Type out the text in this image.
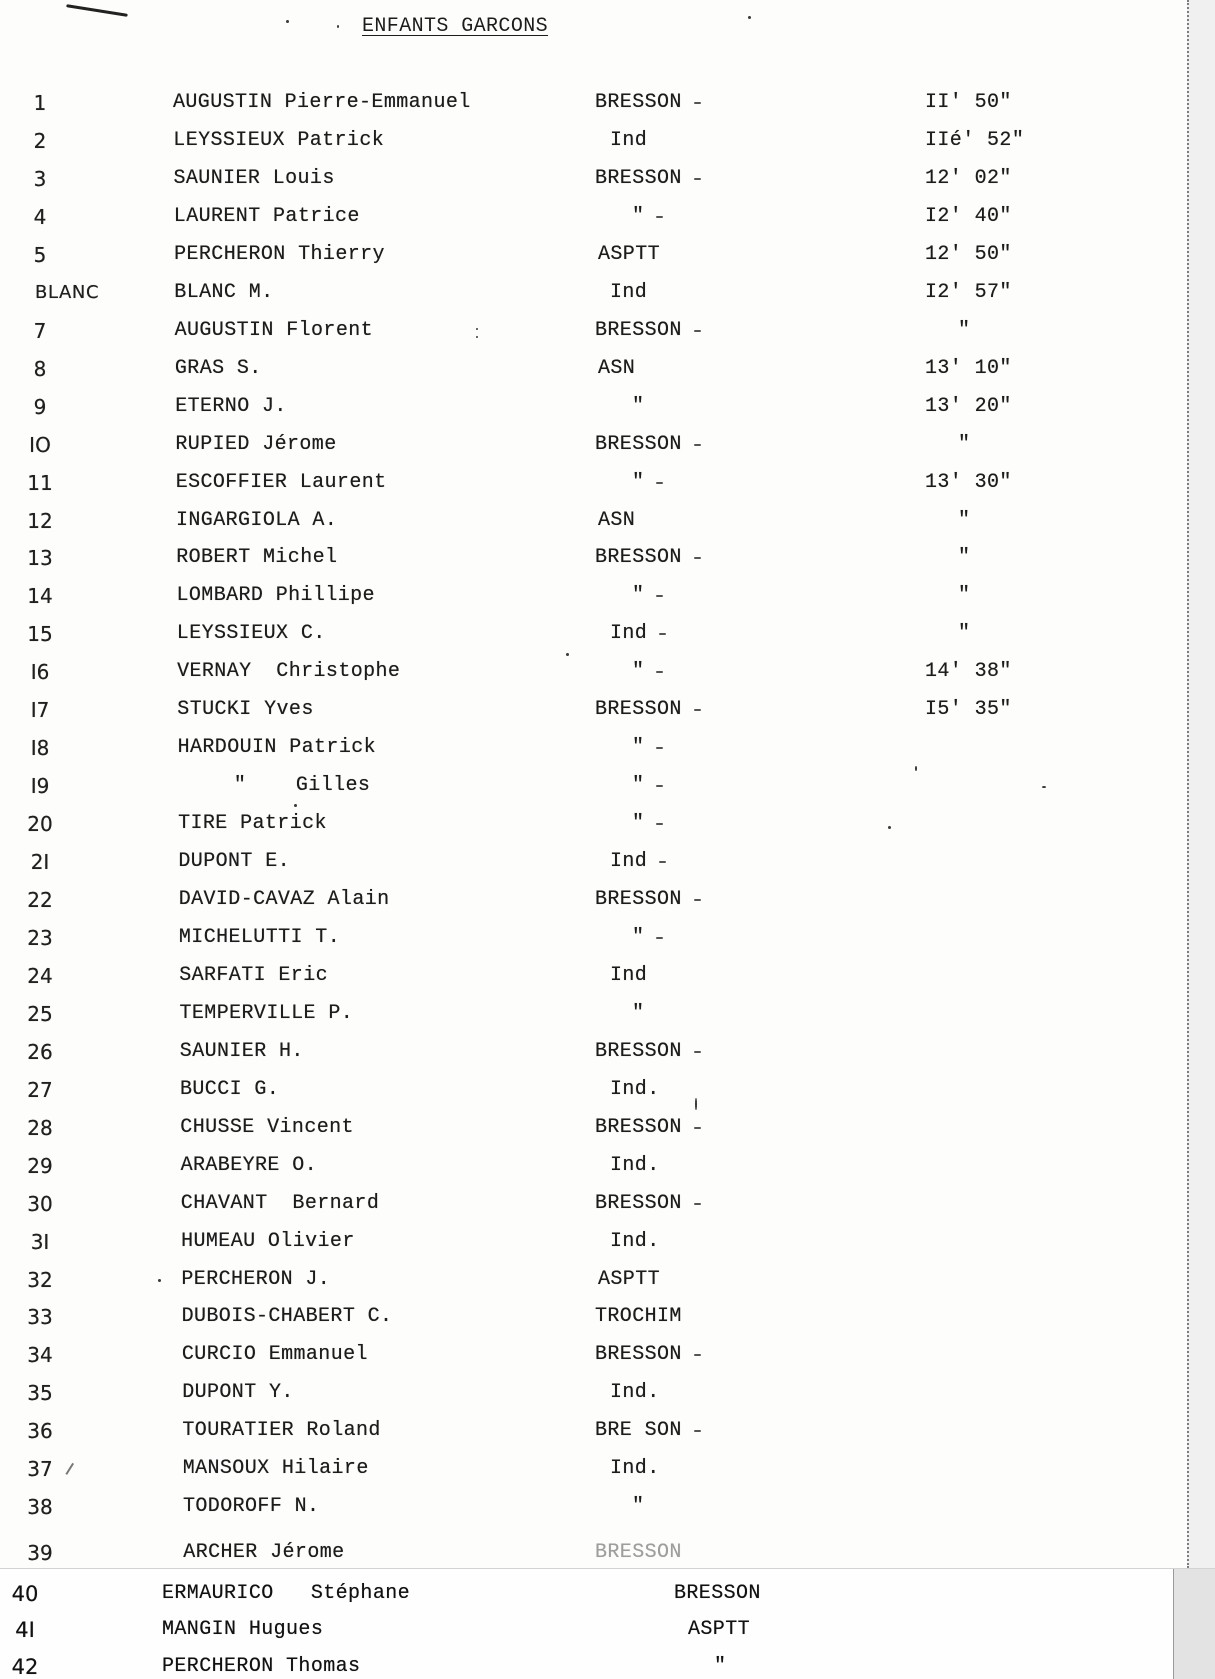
ENFANTS GARCONS
1	AUGUSTIN Pierre-Emmanuel	BRESSON	II' 50"
2	LEYSSIEUX Patrick	Ind	IIé' 52"
3	SAUNIER Louis	BRESSON	12' 02"
4	LAURENT Patrice	"	I2' 40"
5	PERCHERON Thierry	ASPTT	12' 50"
BLANC	BLANC M.	Ind	I2' 57"
7	AUGUSTIN Florent	BRESSON	"
8	GRAS S.	ASN	13' 10"
9	ETERNO J.	"	13' 20"
IO	RUPIED Jérome	BRESSON	"
11	ESCOFFIER Laurent	"	13' 30"
12	INGARGIOLA A.	ASN	"
13	ROBERT Michel	BRESSON	"
14	LOMBARD Phillipe	"	"
15	LEYSSIEUX C.	Ind	"
I6	VERNAY  Christophe	"	14' 38"
I7	STUCKI Yves	BRESSON	I5' 35"
I8	HARDOUIN Patrick	"
I9	"    Gilles	"
20	TIRE Patrick	"
2I	DUPONT E.	Ind
22	DAVID-CAVAZ Alain	BRESSON
23	MICHELUTTI T.	"
24	SARFATI Eric	Ind
25	TEMPERVILLE P.	"
26	SAUNIER H.	BRESSON
27	BUCCI G.	Ind.
28	CHUSSE Vincent	BRESSON
29	ARABEYRE O.	Ind.
30	CHAVANT  Bernard	BRESSON
3I	HUMEAU Olivier	Ind.
32	PERCHERON J.	ASPTT
33	DUBOIS-CHABERT C.	TROCHIM
34	CURCIO Emmanuel	BRESSON
35	DUPONT Y.	Ind.
36	TOURATIER Roland	BRE SON
37	MANSOUX Hilaire	Ind.
38	TODOROFF N.	"
39	ARCHER Jérome	BRESSON
40	ERMAURICO   Stéphane	BRESSON
4I	MANGIN Hugues	ASPTT
42	PERCHERON Thomas	"
